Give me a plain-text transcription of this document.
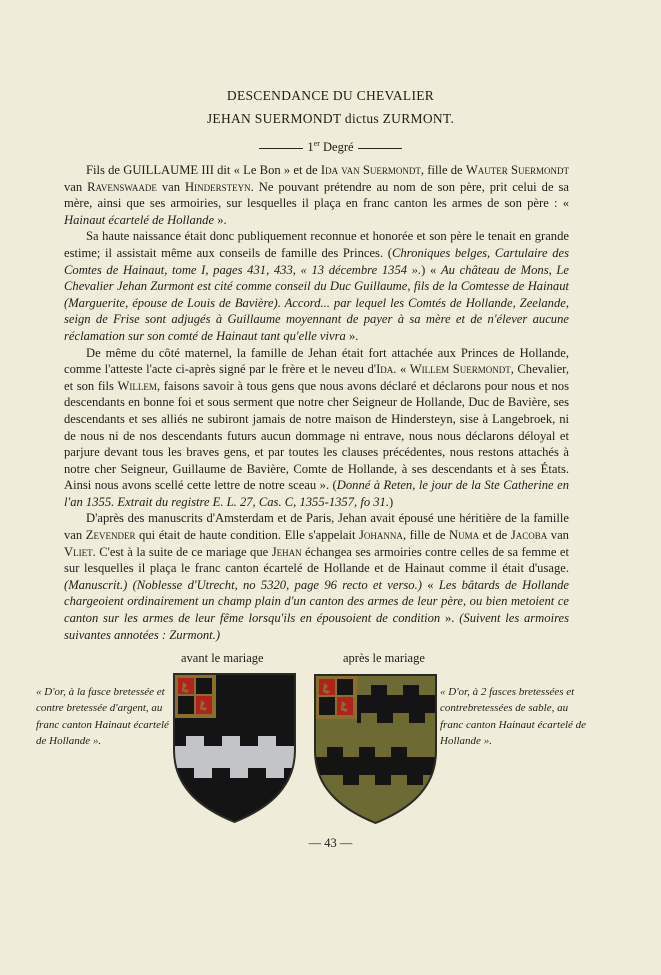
DESCENDANCE DU CHEVALIER
JEHAN SUERMONDT dictus ZURMONT.
1er Degré

Fils de GUILLAUME III dit « Le Bon » et de Ida van Suermondt, fille de Wauter Suermondt van Ravenswaade van Hindersteyn. Ne pouvant prétendre au nom de son père, prit celui de sa mère, ainsi que ses armoiries, sur lesquelles il plaça en franc canton les armes de son père : « Hainaut écartelé de Hollande ».

Sa haute naissance était donc publiquement reconnue et honorée et son père le tenait en grande estime; il assistait même aux conseils de famille des Princes. (Chroniques belges, Cartulaire des Comtes de Hainaut, tome I, pages 431, 433, « 13 décembre 1354 ».) « Au château de Mons, Le Chevalier Jehan Zurmont est cité comme conseil du Duc Guillaume, fils de la Comtesse de Hainaut (Marguerite, épouse de Louis de Bavière). Accord... par lequel les Comtés de Hollande, Zeelande, seign de Frise sont adjugés à Guillaume moyennant de payer à sa mère et de n'élever aucune réclamation sur son comté de Hainaut tant qu'elle vivra ».

De même du côté maternel, la famille de Jehan était fort attachée aux Princes de Hollande, comme l'atteste l'acte ci-après signé par le frère et le neveu d'Ida. « Willem Suermondt, Chevalier, et son fils Willem, faisons savoir à tous gens que nous avons déclaré et déclarons pour nous et nos descendants en bonne foi et sous serment que notre cher Seigneur de Hollande, Duc de Bavière, ses descendants et ses alliés ne subiront jamais de notre maison de Hindersteyn, sise à Langebroek, ni de nous ni de nos descendants futurs aucun dommage ni entrave, nous nous déclarons déloyal et parjure devant tous les braves gens, et par toutes les clauses précédentes, nous restons attachés à notre cher Seigneur, Guillaume de Bavière, Comte de Hollande, à ses descendants et à ses États. Ainsi nous avons scellé cette lettre de notre sceau ». (Donné à Reten, le jour de la Ste Catherine en l'an 1355. Extrait du registre E. L. 27, Cas. C, 1355-1357, fo 31.)

D'après des manuscrits d'Amsterdam et de Paris, Jehan avait épousé une héritière de la famille van Zevender qui était de haute condition. Elle s'appelait Johanna, fille de Numa et de Jacoba van Vliet. C'est à la suite de ce mariage que Jehan échangea ses armoiries contre celles de sa femme et sur lesquelles il plaça le franc canton écartelé de Hollande et de Hainaut comme il était d'usage. (Manuscrit.) (Noblesse d'Utrecht, no 5320, page 96 recto et verso.) « Les bâtards de Hollande chargeoient ordinairement un champ plain d'un canton des armes de leur père, ou bien metoient ce canton sur les armes de leur fême lorsqu'ils en épousoient de condition ». (Suivent les armoires suivantes annotées : Zurmont.)

avant le mariage	après le mariage
« D'or, à la fasce bretessée et contre bretessée d'argent, au franc canton Hainaut écartelé de Hollande ».
« D'or, à 2 fasces bretessées et contrebretessées de sable, au franc canton Hainaut écartelé de Hollande ».
— 43 —
